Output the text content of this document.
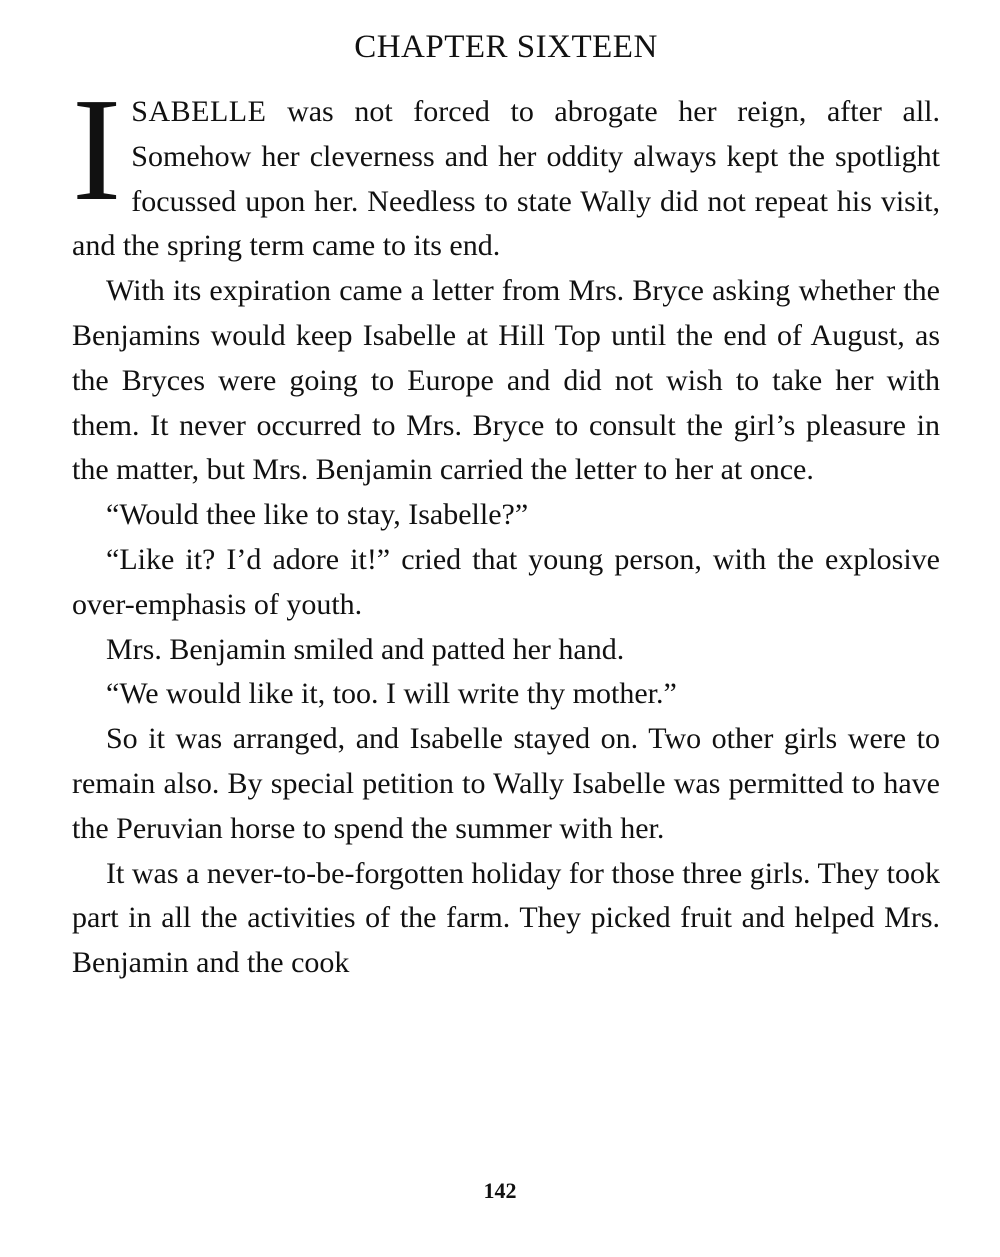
CHAPTER SIXTEEN

ISABELLE was not forced to abrogate her reign, after all. Somehow her cleverness and her oddity always kept the spotlight focussed upon her. Needless to state Wally did not repeat his visit, and the spring term came to its end.

With its expiration came a letter from Mrs. Bryce asking whether the Benjamins would keep Isabelle at Hill Top until the end of August, as the Bryces were going to Europe and did not wish to take her with them. It never occurred to Mrs. Bryce to consult the girl’s pleasure in the matter, but Mrs. Benjamin carried the letter to her at once.

“Would thee like to stay, Isabelle?”

“Like it? I’d adore it!” cried that young person, with the explosive over-emphasis of youth.

Mrs. Benjamin smiled and patted her hand.

“We would like it, too. I will write thy mother.”

So it was arranged, and Isabelle stayed on. Two other girls were to remain also. By special petition to Wally Isabelle was permitted to have the Peruvian horse to spend the summer with her.

It was a never-to-be-forgotten holiday for those three girls. They took part in all the activities of the farm. They picked fruit and helped Mrs. Benjamin and the cook

142
